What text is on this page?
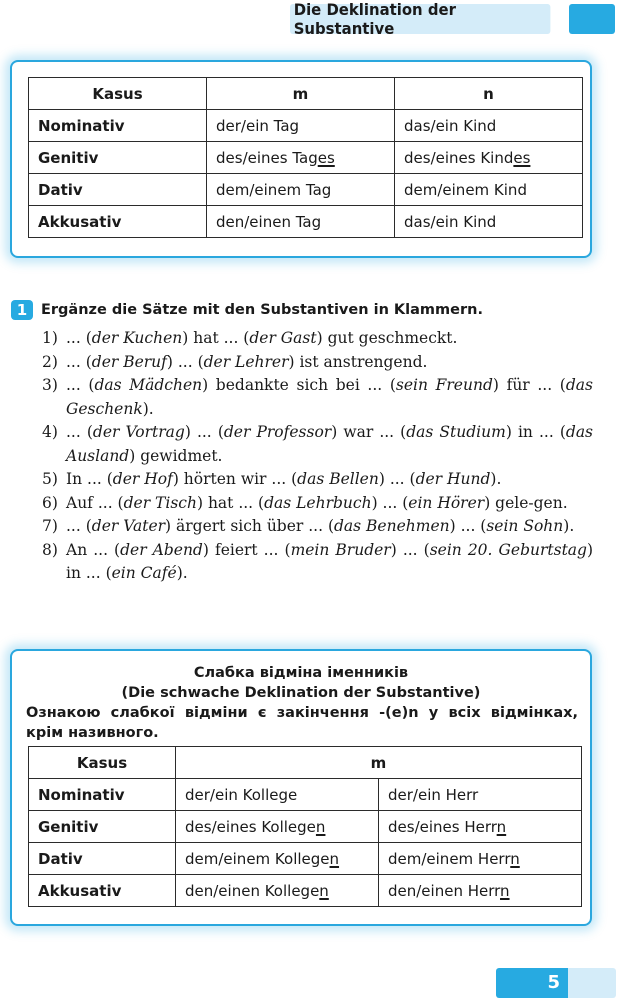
Die Deklination der Substantive
Kasus	m	n
Nominativ	der/ein Tag	das/ein Kind
Genitiv	des/eines Tages	des/eines Kindes
Dativ	dem/einem Tag	dem/einem Kind
Akkusativ	den/einen Tag	das/ein Kind
1 Ergänze die Sätze mit den Substantiven in Klammern.
1) ... (der Kuchen) hat ... (der Gast) gut geschmeckt.
2) ... (der Beruf) ... (der Lehrer) ist anstrengend.
3) ... (das Mädchen) bedankte sich bei ... (sein Freund) für ... (das Geschenk).
4) ... (der Vortrag) ... (der Professor) war ... (das Studium) in ... (das Ausland) gewidmet.
5) In ... (der Hof) hörten wir ... (das Bellen) ... (der Hund).
6) Auf ... (der Tisch) hat ... (das Lehrbuch) ... (ein Hörer) gele-gen.
7) ... (der Vater) ärgert sich über ... (das Benehmen) ... (sein Sohn).
8) An ... (der Abend) feiert ... (mein Bruder) ... (sein 20. Geburtstag) in ... (ein Café).
Слабка відміна іменників
(Die schwache Deklination der Substantive)
Ознакою слабкої відміни є закінчення -(e)n у всіх відмінках, крім називного.
Kasus	m	
Nominativ	der/ein Kollege	der/ein Herr
Genitiv	des/eines Kollegen	des/eines Herrn
Dativ	dem/einem Kollegen	dem/einem Herrn
Akkusativ	den/einen Kollegen	den/einen Herrn
5
